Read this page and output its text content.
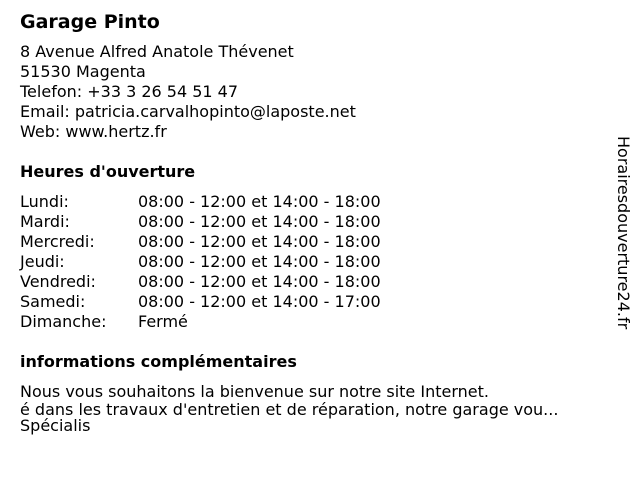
Garage Pinto
8 Avenue Alfred Anatole Thévenet
51530 Magenta
Telefon: +33 3 26 54 51 47
Email: patricia.carvalhopinto@laposte.net
Web: www.hertz.fr
Heures d'ouverture
Lundi:	08:00 - 12:00 et 14:00 - 18:00
Mardi:	08:00 - 12:00 et 14:00 - 18:00
Mercredi:	08:00 - 12:00 et 14:00 - 18:00
Jeudi:	08:00 - 12:00 et 14:00 - 18:00
Vendredi:	08:00 - 12:00 et 14:00 - 18:00
Samedi:	08:00 - 12:00 et 14:00 - 17:00
Dimanche:	Fermé
informations complémentaires
Nous vous souhaitons la bienvenue sur notre site Internet.
é dans les travaux d'entretien et de réparation, notre garage vou...
Spécialis
Horairesdouverture24.fr
